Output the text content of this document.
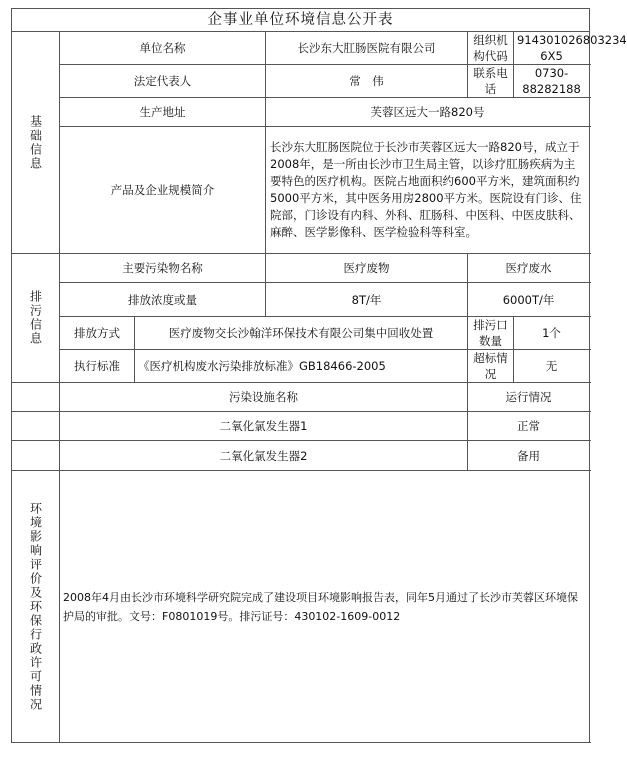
企事业单位环境信息公开表					
基础信息	单位名称		长沙东大肛肠医院有限公司	组织机构代码	914301026803234 6X5
	法定代表人		常　伟	联系电话	0730-88282188
	生产地址		芙蓉区远大一路820号		
	产品及企业规模简介		长沙东大肛肠医院位于长沙市芙蓉区远大一路820号，成立于2008年，是一所由长沙市卫生局主管，以诊疗肛肠疾病为主要特色的医疗机构。医院占地面积约600平方米，建筑面积约5000平方米，其中医务用房2800平方米。医院设有门诊、住院部，门诊设有内科、外科、肛肠科、中医科、中医皮肤科、麻醉、医学影像科、医学检验科等科室。		
排污信息	主要污染物名称		医疗废物	医疗废水	
	排放浓度或量		8T/年	6000T/年	
	排放方式	医疗废物交长沙翰洋环保技术有限公司集中回收处置		排污口数量	1个
	执行标准	《医疗机构废水污染排放标准》GB18466-2005		超标情况	无
	污染设施名称			运行情况	
	二氧化氯发生器1			正常	
	二氧化氯发生器2			备用	
环境影响评价及环保行政许可情况	2008年4月由长沙市环境科学研究院完成了建设项目环境影响报告表，同年5月通过了长沙市芙蓉区环境保护局的审批。文号：F0801019号。排污证号：430102-1609-0012				
